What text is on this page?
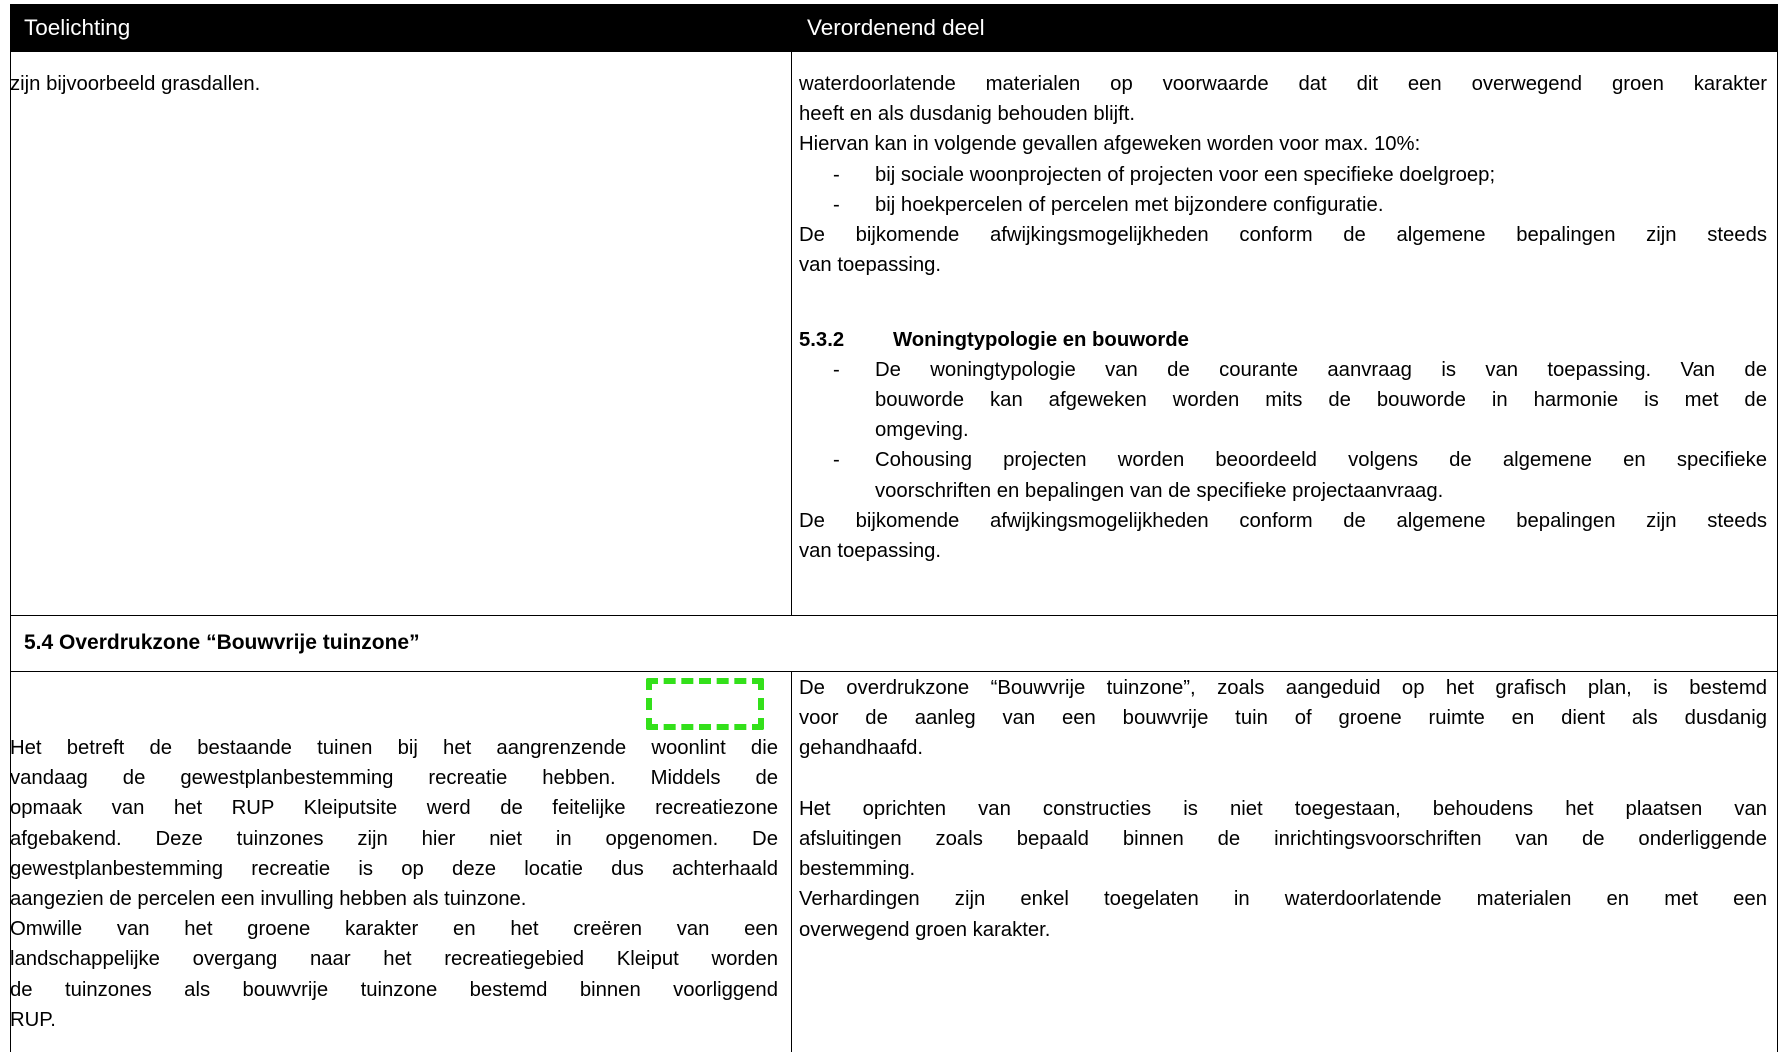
Toelichting	Verordenend deel

zijn bijvoorbeeld grasdallen.	waterdoorlatende materialen op voorwaarde dat dit een overwegend groen karakter

heeft en als dusdanig behouden blijft.

Hiervan kan in volgende gevallen afgeweken worden voor max. 10%:

- bij sociale woonprojecten of projecten voor een specifieke doelgroep;
- bij hoekpercelen of percelen met bijzondere configuratie.

De bijkomende afwijkingsmogelijkheden conform de algemene bepalingen zijn steeds

van toepassing.

5.3.2 Woningtypologie en bouworde

- De woningtypologie van de courante aanvraag is van toepassing. Van de

bouworde kan afgeweken worden mits de bouworde in harmonie is met de

omgeving.

- Cohousing projecten worden beoordeeld volgens de algemene en specifieke

voorschriften en bepalingen van de specifieke projectaanvraag.

De bijkomende afwijkingsmogelijkheden conform de algemene bepalingen zijn steeds

van toepassing.

5.4 Overdrukzone “Bouwvrije tuinzone”

Het betreft de bestaande tuinen bij het aangrenzende woonlint die

vandaag de gewestplanbestemming recreatie hebben. Middels de

opmaak van het RUP Kleiputsite werd de feitelijke recreatiezone

afgebakend. Deze tuinzones zijn hier niet in opgenomen. De

gewestplanbestemming recreatie is op deze locatie dus achterhaald

aangezien de percelen een invulling hebben als tuinzone.

Omwille van het groene karakter en het creëren van een

landschappelijke overgang naar het recreatiegebied Kleiput worden

de tuinzones als bouwvrije tuinzone bestemd binnen voorliggend

RUP.

De overdrukzone “Bouwvrije tuinzone”, zoals aangeduid op het grafisch plan, is bestemd

voor de aanleg van een bouwvrije tuin of groene ruimte en dient als dusdanig

gehandhaafd.

Het oprichten van constructies is niet toegestaan, behoudens het plaatsen van

afsluitingen zoals bepaald binnen de inrichtingsvoorschriften van de onderliggende

bestemming.

Verhardingen zijn enkel toegelaten in waterdoorlatende materialen en met een

overwegend groen karakter.
